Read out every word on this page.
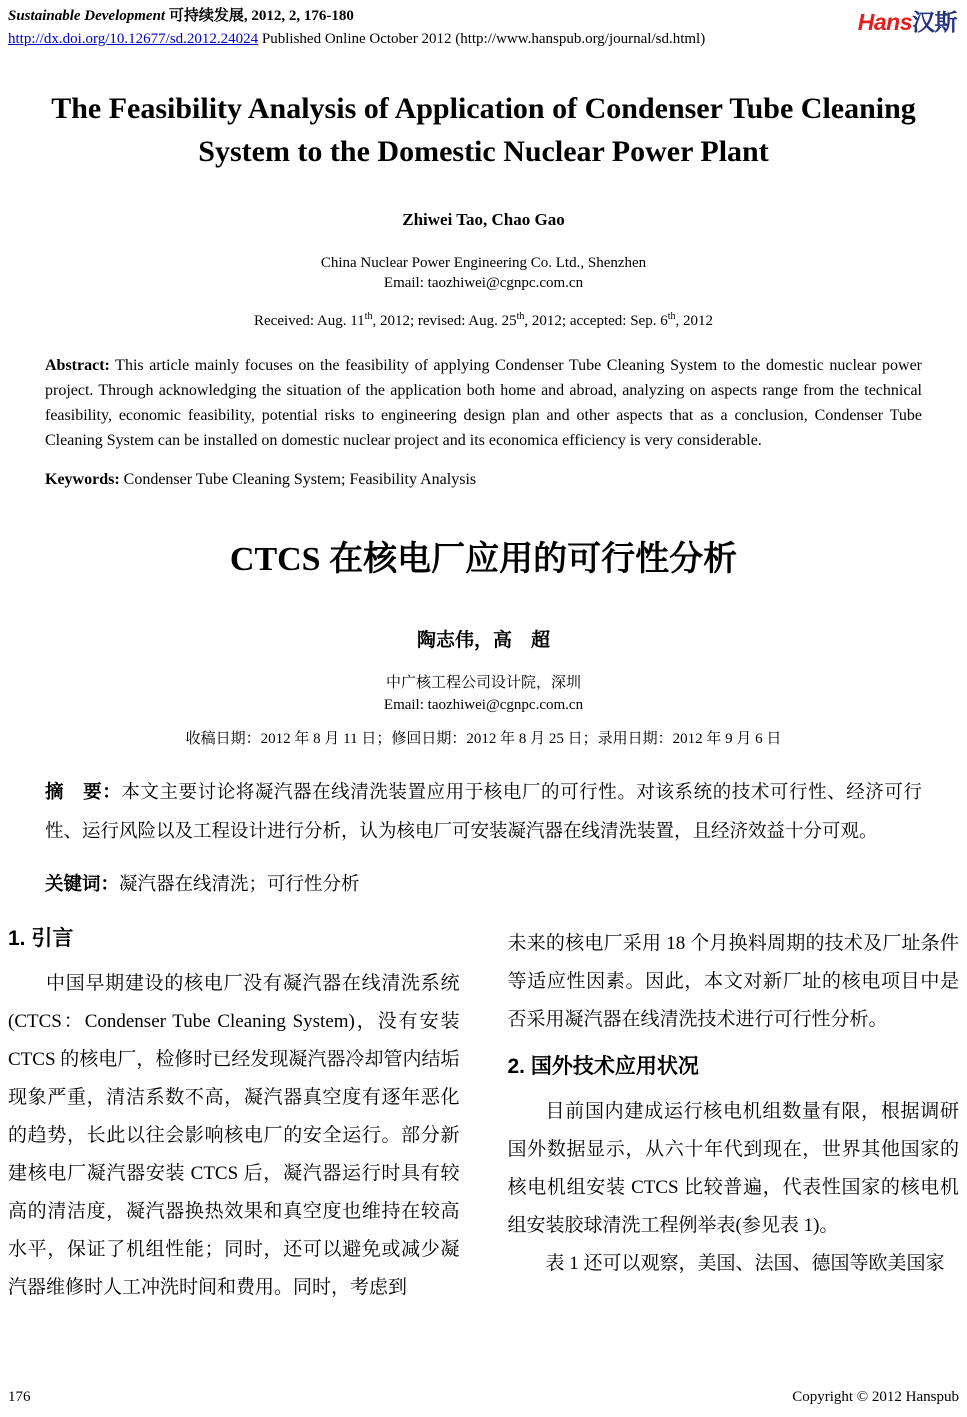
Sustainable Development 可持续发展, 2012, 2, 176-180
http://dx.doi.org/10.12677/sd.2012.24024 Published Online October 2012 (http://www.hanspub.org/journal/sd.html)
Hans汉斯
The Feasibility Analysis of Application of Condenser Tube Cleaning System to the Domestic Nuclear Power Plant
Zhiwei Tao, Chao Gao
China Nuclear Power Engineering Co. Ltd., Shenzhen
Email: taozhiwei@cgnpc.com.cn
Received: Aug. 11th, 2012; revised: Aug. 25th, 2012; accepted: Sep. 6th, 2012

Abstract: This article mainly focuses on the feasibility of applying Condenser Tube Cleaning System to the domestic nuclear power project. Through acknowledging the situation of the application both home and abroad, analyzing on aspects range from the technical feasibility, economic feasibility, potential risks to engineering design plan and other aspects that as a conclusion, Condenser Tube Cleaning System can be installed on domestic nuclear project and its economica efficiency is very considerable.

Keywords: Condenser Tube Cleaning System; Feasibility Analysis

CTCS 在核电厂应用的可行性分析
陶志伟，高　超
中广核工程公司设计院，深圳
Email: taozhiwei@cgnpc.com.cn
收稿日期：2012 年 8 月 11 日；修回日期：2012 年 8 月 25 日；录用日期：2012 年 9 月 6 日

摘　要：本文主要讨论将凝汽器在线清洗装置应用于核电厂的可行性。对该系统的技术可行性、经济可行性、运行风险以及工程设计进行分析，认为核电厂可安装凝汽器在线清洗装置，且经济效益十分可观。

关键词：凝汽器在线清洗；可行性分析

1. 引言

中国早期建设的核电厂没有凝汽器在线清洗系统(CTCS：Condenser Tube Cleaning System)，没有安装 CTCS 的核电厂，检修时已经发现凝汽器冷却管内结垢现象严重，清洁系数不高，凝汽器真空度有逐年恶化的趋势，长此以往会影响核电厂的安全运行。部分新建核电厂凝汽器安装 CTCS 后，凝汽器运行时具有较高的清洁度，凝汽器换热效果和真空度也维持在较高水平，保证了机组性能；同时，还可以避免或减少凝汽器维修时人工冲洗时间和费用。同时，考虑到

未来的核电厂采用 18 个月换料周期的技术及厂址条件等适应性因素。因此，本文对新厂址的核电项目中是否采用凝汽器在线清洗技术进行可行性分析。

2. 国外技术应用状况

目前国内建成运行核电机组数量有限，根据调研国外数据显示，从六十年代到现在，世界其他国家的核电机组安装 CTCS 比较普遍，代表性国家的核电机组安装胶球清洗工程例举表(参见表 1)。

表 1 还可以观察，美国、法国、德国等欧美国家

176	Copyright © 2012 Hanspub
